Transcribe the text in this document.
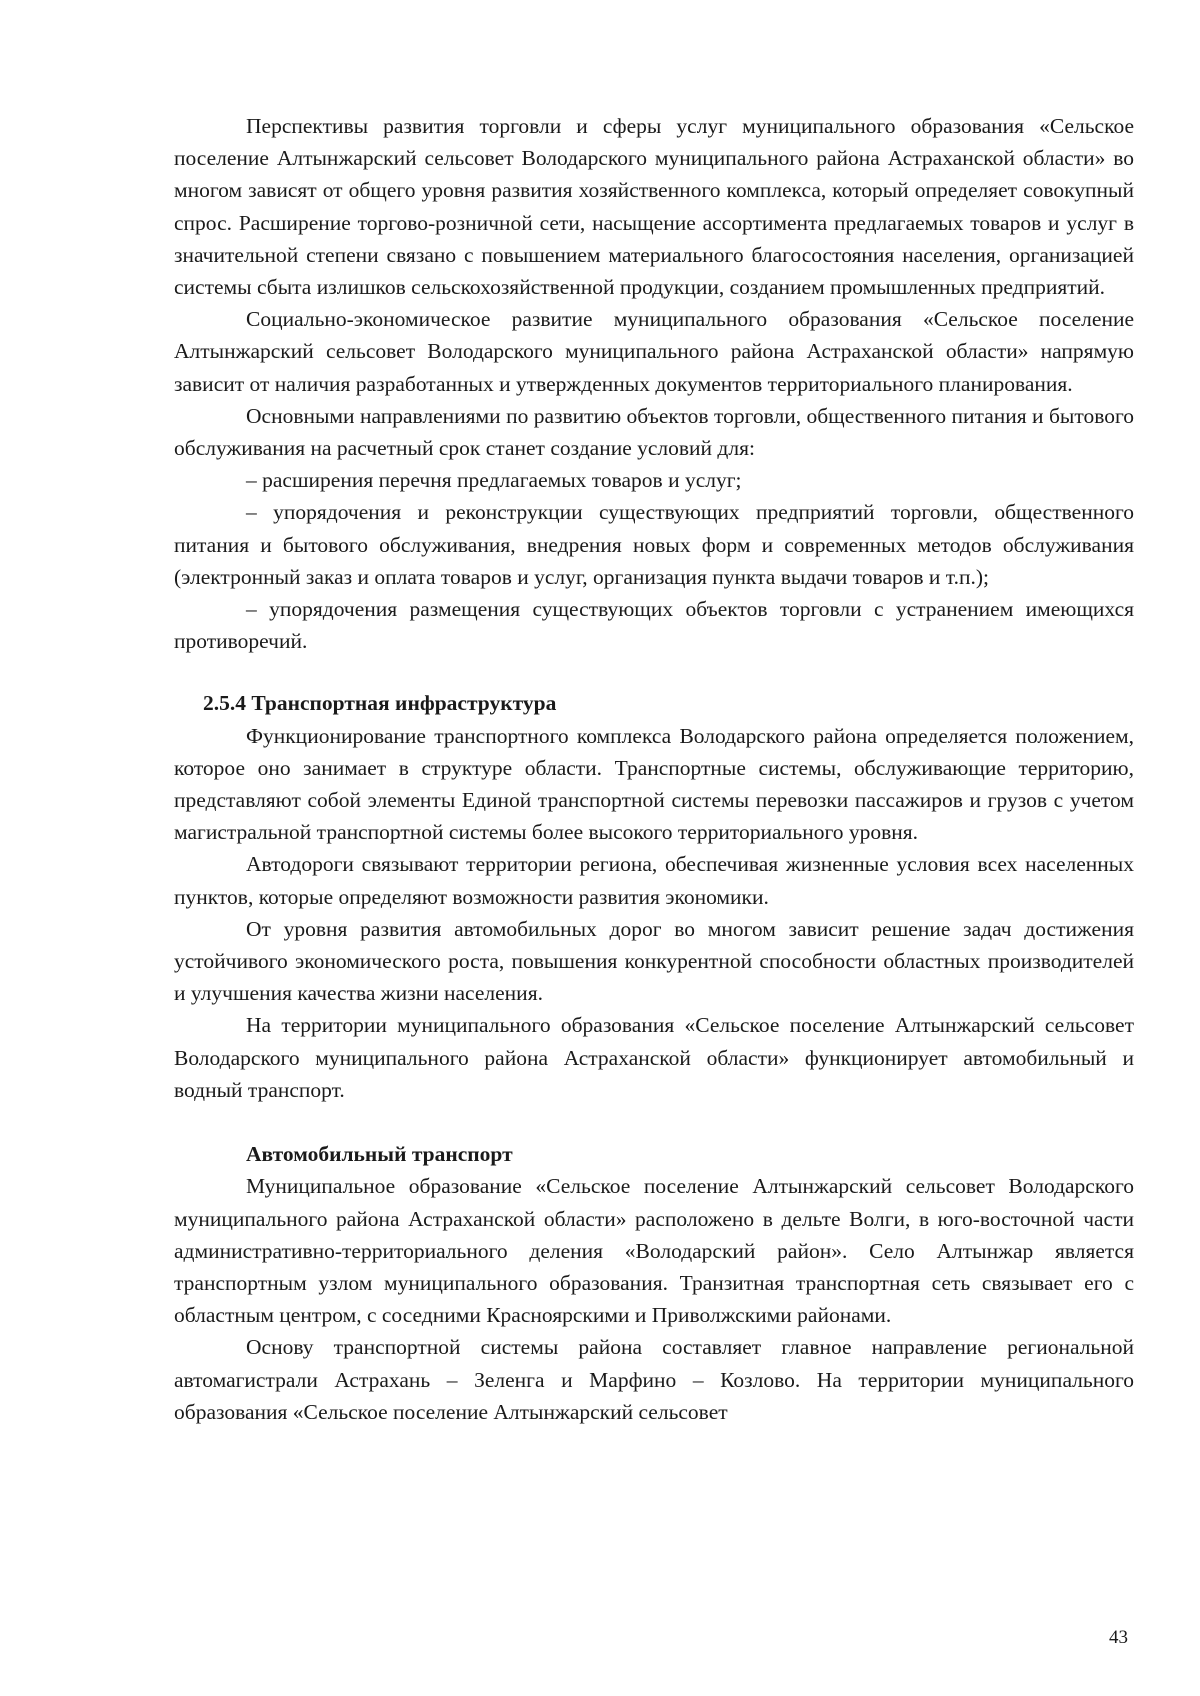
Перспективы развития торговли и сферы услуг муниципального образования «Сельское поселение Алтынжарский сельсовет Володарского муниципального района Астраханской области» во многом зависят от общего уровня развития хозяйственного комплекса, который определяет совокупный спрос. Расширение торгово-розничной сети, насыщение ассортимента предлагаемых товаров и услуг в значительной степени связано с повышением материального благосостояния населения, организацией системы сбыта излишков сельскохозяйственной продукции, созданием промышленных предприятий.

Социально-экономическое развитие муниципального образования «Сельское поселение Алтынжарский сельсовет Володарского муниципального района Астраханской области» напрямую зависит от наличия разработанных и утвержденных документов территориального планирования.

Основными направлениями по развитию объектов торговли, общественного питания и бытового обслуживания на расчетный срок станет создание условий для:

– расширения перечня предлагаемых товаров и услуг;

– упорядочения и реконструкции существующих предприятий торговли, общественного питания и бытового обслуживания, внедрения новых форм и современных методов обслуживания (электронный заказ и оплата товаров и услуг, организация пункта выдачи товаров и т.п.);

– упорядочения размещения существующих объектов торговли с устранением имеющихся противоречий.

2.5.4 Транспортная инфраструктура

Функционирование транспортного комплекса Володарского района определяется положением, которое оно занимает в структуре области. Транспортные системы, обслуживающие территорию, представляют собой элементы Единой транспортной системы перевозки пассажиров и грузов с учетом магистральной транспортной системы более высокого территориального уровня.

Автодороги связывают территории региона, обеспечивая жизненные условия всех населенных пунктов, которые определяют возможности развития экономики.

От уровня развития автомобильных дорог во многом зависит решение задач достижения устойчивого экономического роста, повышения конкурентной способности областных производителей и улучшения качества жизни населения.

На территории муниципального образования «Сельское поселение Алтынжарский сельсовет Володарского муниципального района Астраханской области» функционирует автомобильный и водный транспорт.

Автомобильный транспорт

Муниципальное образование «Сельское поселение Алтынжарский сельсовет Володарского муниципального района Астраханской области» расположено в дельте Волги, в юго-восточной части административно-территориального деления «Володарский район». Село Алтынжар является транспортным узлом муниципального образования. Транзитная транспортная сеть связывает его с областным центром, с соседними Красноярскими и Приволжскими районами.

Основу транспортной системы района составляет главное направление региональной автомагистрали Астрахань – Зеленга и Марфино – Козлово. На территории муниципального образования «Сельское поселение Алтынжарский сельсовет

43
